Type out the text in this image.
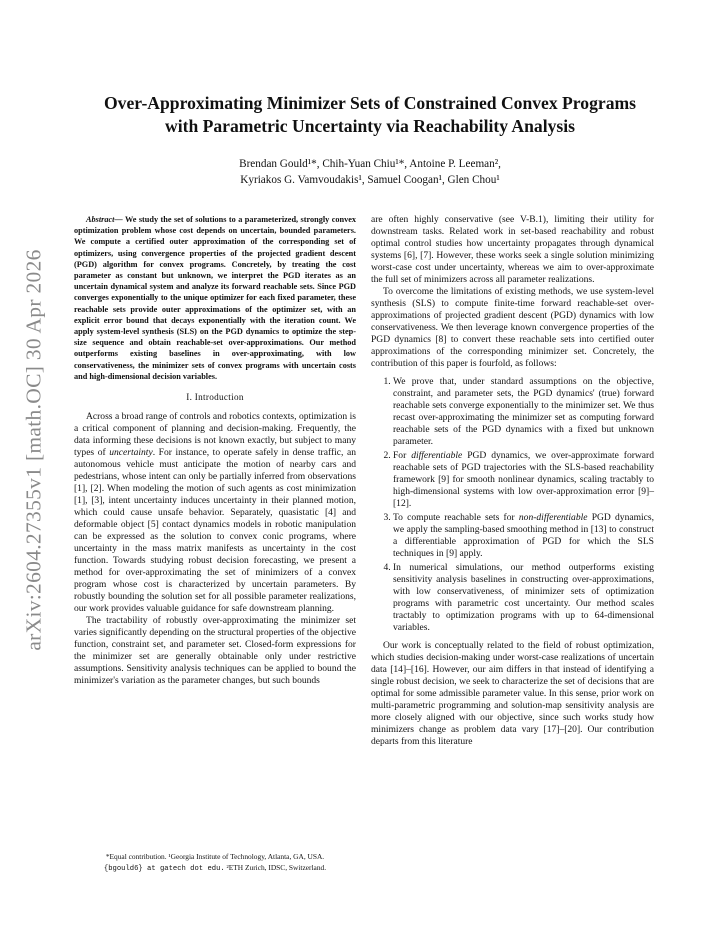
arXiv:2604.27355v1 [math.OC] 30 Apr 2026
Over-Approximating Minimizer Sets of Constrained Convex Programs
with Parametric Uncertainty via Reachability Analysis
Brendan Gould¹*, Chih-Yuan Chiu¹*, Antoine P. Leeman²,
Kyriakos G. Vamvoudakis¹, Samuel Coogan¹, Glen Chou¹

Abstract— We study the set of solutions to a parameterized, strongly convex optimization problem whose cost depends on uncertain, bounded parameters. We compute a certified outer approximation of the corresponding set of optimizers, using convergence properties of the projected gradient descent (PGD) algorithm for convex programs. Concretely, by treating the cost parameter as constant but unknown, we interpret the PGD iterates as an uncertain dynamical system and analyze its forward reachable sets. Since PGD converges exponentially to the unique optimizer for each fixed parameter, these reachable sets provide outer approximations of the optimizer set, with an explicit error bound that decays exponentially with the iteration count. We apply system-level synthesis (SLS) on the PGD dynamics to optimize the step-size sequence and obtain reachable-set over-approximations. Our method outperforms existing baselines in over-approximating, with low conservativeness, the minimizer sets of convex programs with uncertain costs and high-dimensional decision variables.

I. Introduction

Across a broad range of controls and robotics contexts, optimization is a critical component of planning and decision-making. Frequently, the data informing these decisions is not known exactly, but subject to many types of uncertainty. For instance, to operate safely in dense traffic, an autonomous vehicle must anticipate the motion of nearby cars and pedestrians, whose intent can only be partially inferred from observations [1], [2]. When modeling the motion of such agents as cost minimization [1], [3], intent uncertainty induces uncertainty in their planned motion, which could cause unsafe behavior. Separately, quasistatic [4] and deformable object [5] contact dynamics models in robotic manipulation can be expressed as the solution to convex conic programs, where uncertainty in the mass matrix manifests as uncertainty in the cost function. Towards studying robust decision forecasting, we present a method for over-approximating the set of minimizers of a convex program whose cost is characterized by uncertain parameters. By robustly bounding the solution set for all possible parameter realizations, our work provides valuable guidance for safe downstream planning.

The tractability of robustly over-approximating the minimizer set varies significantly depending on the structural properties of the objective function, constraint set, and parameter set. Closed-form expressions for the minimizer set are generally obtainable only under restrictive assumptions. Sensitivity analysis techniques can be applied to bound the minimizer's variation as the parameter changes, but such bounds

*Equal contribution. ¹Georgia Institute of Technology, Atlanta, GA, USA.
{bgould6} at gatech dot edu. ²ETH Zurich, IDSC, Switzerland.

are often highly conservative (see V-B.1), limiting their utility for downstream tasks. Related work in set-based reachability and robust optimal control studies how uncertainty propagates through dynamical systems [6], [7]. However, these works seek a single solution minimizing worst-case cost under uncertainty, whereas we aim to over-approximate the full set of minimizers across all parameter realizations.

To overcome the limitations of existing methods, we use system-level synthesis (SLS) to compute finite-time forward reachable-set over-approximations of projected gradient descent (PGD) dynamics with low conservativeness. We then leverage known convergence properties of the PGD dynamics [8] to convert these reachable sets into certified outer approximations of the corresponding minimizer set. Concretely, the contribution of this paper is fourfold, as follows:

1. We prove that, under standard assumptions on the objective, constraint, and parameter sets, the PGD dynamics' (true) forward reachable sets converge exponentially to the minimizer set. We thus recast over-approximating the minimizer set as computing forward reachable sets of the PGD dynamics with a fixed but unknown parameter.
2. For differentiable PGD dynamics, we over-approximate forward reachable sets of PGD trajectories with the SLS-based reachability framework [9] for smooth nonlinear dynamics, scaling tractably to high-dimensional systems with low over-approximation error [9]–[12].
3. To compute reachable sets for non-differentiable PGD dynamics, we apply the sampling-based smoothing method in [13] to construct a differentiable approximation of PGD for which the SLS techniques in [9] apply.
4. In numerical simulations, our method outperforms existing sensitivity analysis baselines in constructing over-approximations, with low conservativeness, of minimizer sets of optimization programs with parametric cost uncertainty. Our method scales tractably to optimization programs with up to 64-dimensional variables.

Our work is conceptually related to the field of robust optimization, which studies decision-making under worst-case realizations of uncertain data [14]–[16]. However, our aim differs in that instead of identifying a single robust decision, we seek to characterize the set of decisions that are optimal for some admissible parameter value. In this sense, prior work on multi-parametric programming and solution-map sensitivity analysis are more closely aligned with our objective, since such works study how minimizers change as problem data vary [17]–[20]. Our contribution departs from this literature
